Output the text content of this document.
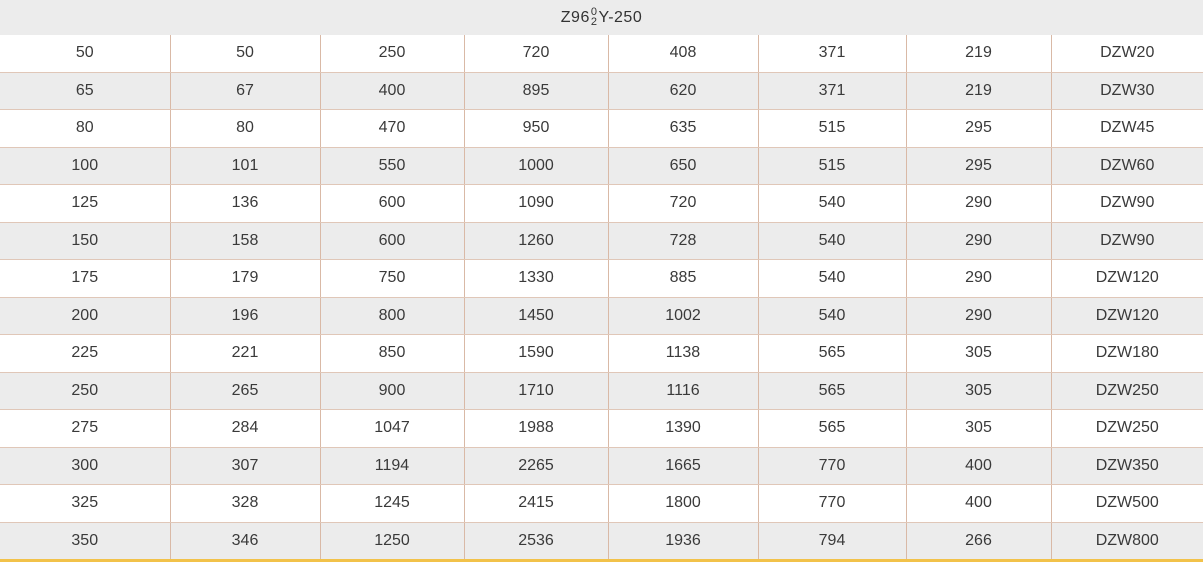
Z96 0
2 Y-250
50	50	250	720	408	371	219	DZW20
65	67	400	895	620	371	219	DZW30
80	80	470	950	635	515	295	DZW45
100	101	550	1000	650	515	295	DZW60
125	136	600	1090	720	540	290	DZW90
150	158	600	1260	728	540	290	DZW90
175	179	750	1330	885	540	290	DZW120
200	196	800	1450	1002	540	290	DZW120
225	221	850	1590	1138	565	305	DZW180
250	265	900	1710	1116	565	305	DZW250
275	284	1047	1988	1390	565	305	DZW250
300	307	1194	2265	1665	770	400	DZW350
325	328	1245	2415	1800	770	400	DZW500
350	346	1250	2536	1936	794	266	DZW800
